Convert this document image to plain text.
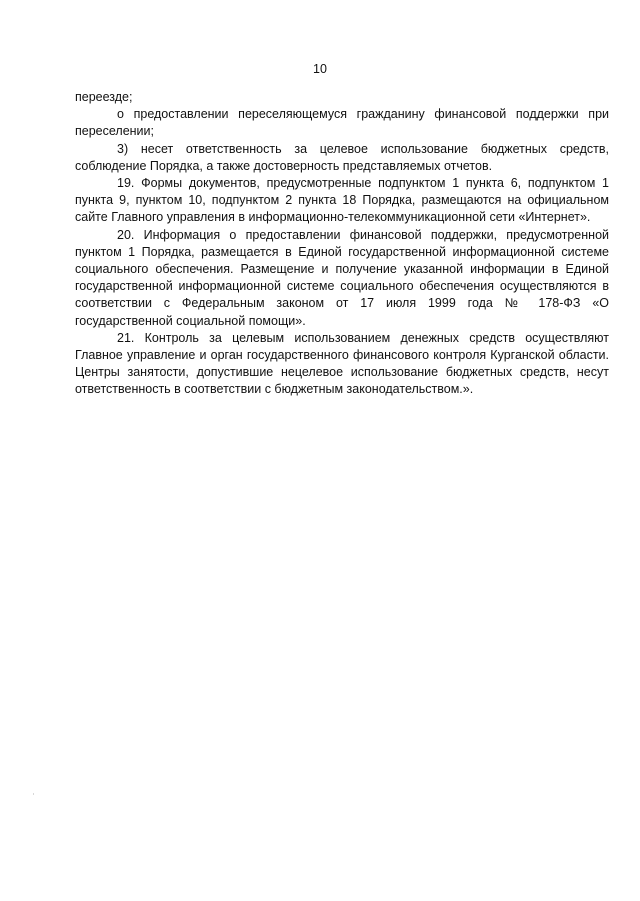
10

переезде;

о предоставлении переселяющемуся гражданину финансовой поддержки при переселении;

3) несет ответственность за целевое использование бюджетных средств, соблюдение Порядка, а также достоверность представляемых отчетов.

19. Формы документов, предусмотренные подпунктом 1 пункта 6, подпунктом 1 пункта 9, пунктом 10, подпунктом 2 пункта 18 Порядка, размещаются на официальном сайте Главного управления в информационно-телекоммуникационной сети «Интернет».

20. Информация о предоставлении финансовой поддержки, предусмотренной пунктом 1 Порядка, размещается в Единой государственной информационной системе социального обеспечения. Размещение и получение указанной информации в Единой государственной информационной системе социального обеспечения осуществляются в соответствии с Федеральным законом от 17 июля 1999 года № 178-ФЗ «О государственной социальной помощи».

21. Контроль за целевым использованием денежных средств осуществляют Главное управление и орган государственного финансового контроля Курганской области. Центры занятости, допустившие нецелевое использование бюджетных средств, несут ответственность в соответствии с бюджетным законодательством.».
